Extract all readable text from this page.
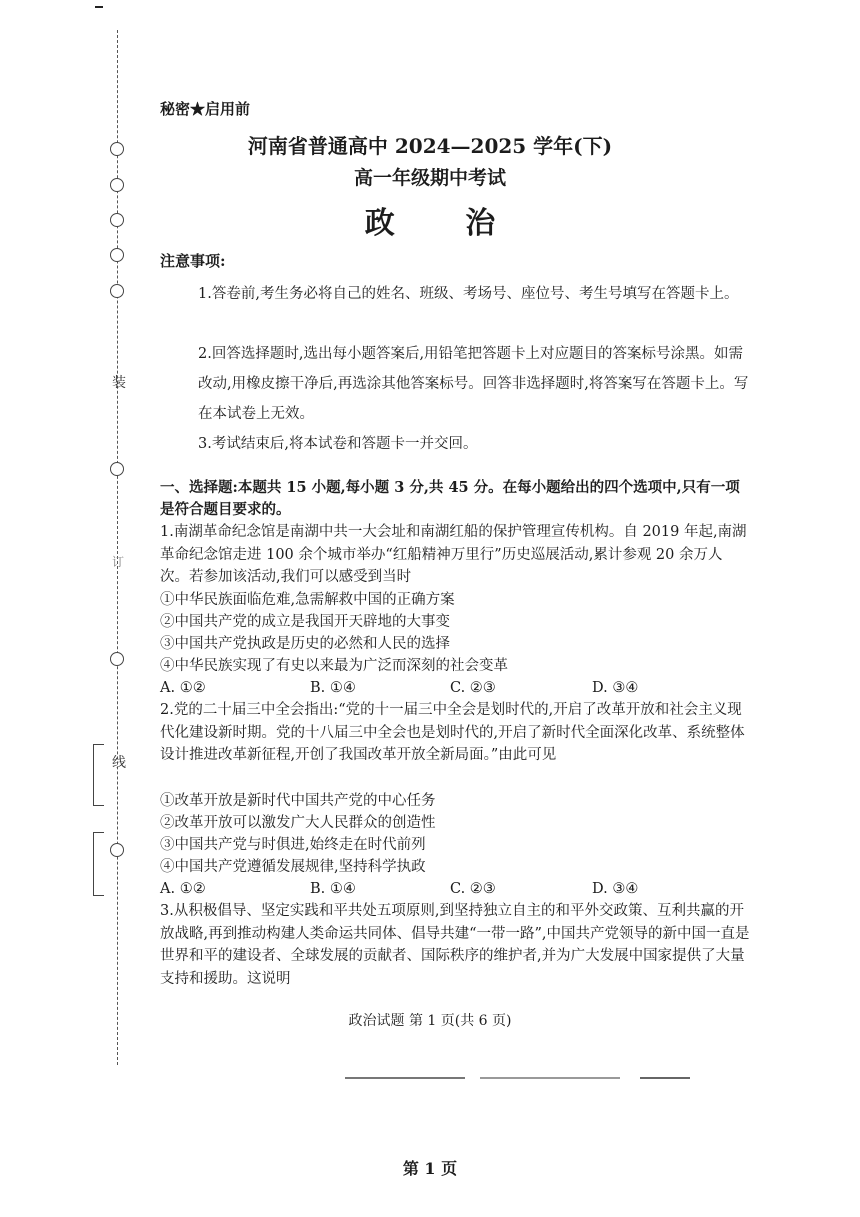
装
订
线
秘密★启用前
河南省普通高中 2024—2025 学年(下)
高一年级期中考试
政 治
注意事项:
1.答卷前,考生务必将自己的姓名、班级、考场号、座位号、考生号填写在答题卡上。
2.回答选择题时,选出每小题答案后,用铅笔把答题卡上对应题目的答案标号涂黑。如需改动,用橡皮擦干净后,再选涂其他答案标号。回答非选择题时,将答案写在答题卡上。写在本试卷上无效。
3.考试结束后,将本试卷和答题卡一并交回。
一、选择题:本题共 15 小题,每小题 3 分,共 45 分。在每小题给出的四个选项中,只有一项是符合题目要求的。
1.南湖革命纪念馆是南湖中共一大会址和南湖红船的保护管理宣传机构。自 2019 年起,南湖革命纪念馆走进 100 余个城市举办“红船精神万里行”历史巡展活动,累计参观 20 余万人次。若参加该活动,我们可以感受到当时
①中华民族面临危难,急需解救中国的正确方案
②中国共产党的成立是我国开天辟地的大事变
③中国共产党执政是历史的必然和人民的选择
④中华民族实现了有史以来最为广泛而深刻的社会变革
A. ①②	B. ①④	C. ②③	D. ③④
2.党的二十届三中全会指出:“党的十一届三中全会是划时代的,开启了改革开放和社会主义现代化建设新时期。党的十八届三中全会也是划时代的,开启了新时代全面深化改革、系统整体设计推进改革新征程,开创了我国改革开放全新局面。”由此可见
①改革开放是新时代中国共产党的中心任务
②改革开放可以激发广大人民群众的创造性
③中国共产党与时俱进,始终走在时代前列
④中国共产党遵循发展规律,坚持科学执政
A. ①②	B. ①④	C. ②③	D. ③④
3.从积极倡导、坚定实践和平共处五项原则,到坚持独立自主的和平外交政策、互利共赢的开放战略,再到推动构建人类命运共同体、倡导共建“一带一路”,中国共产党领导的新中国一直是世界和平的建设者、全球发展的贡献者、国际秩序的维护者,并为广大发展中国家提供了大量支持和援助。这说明
政治试题 第 1 页(共 6 页)
第 1 页
